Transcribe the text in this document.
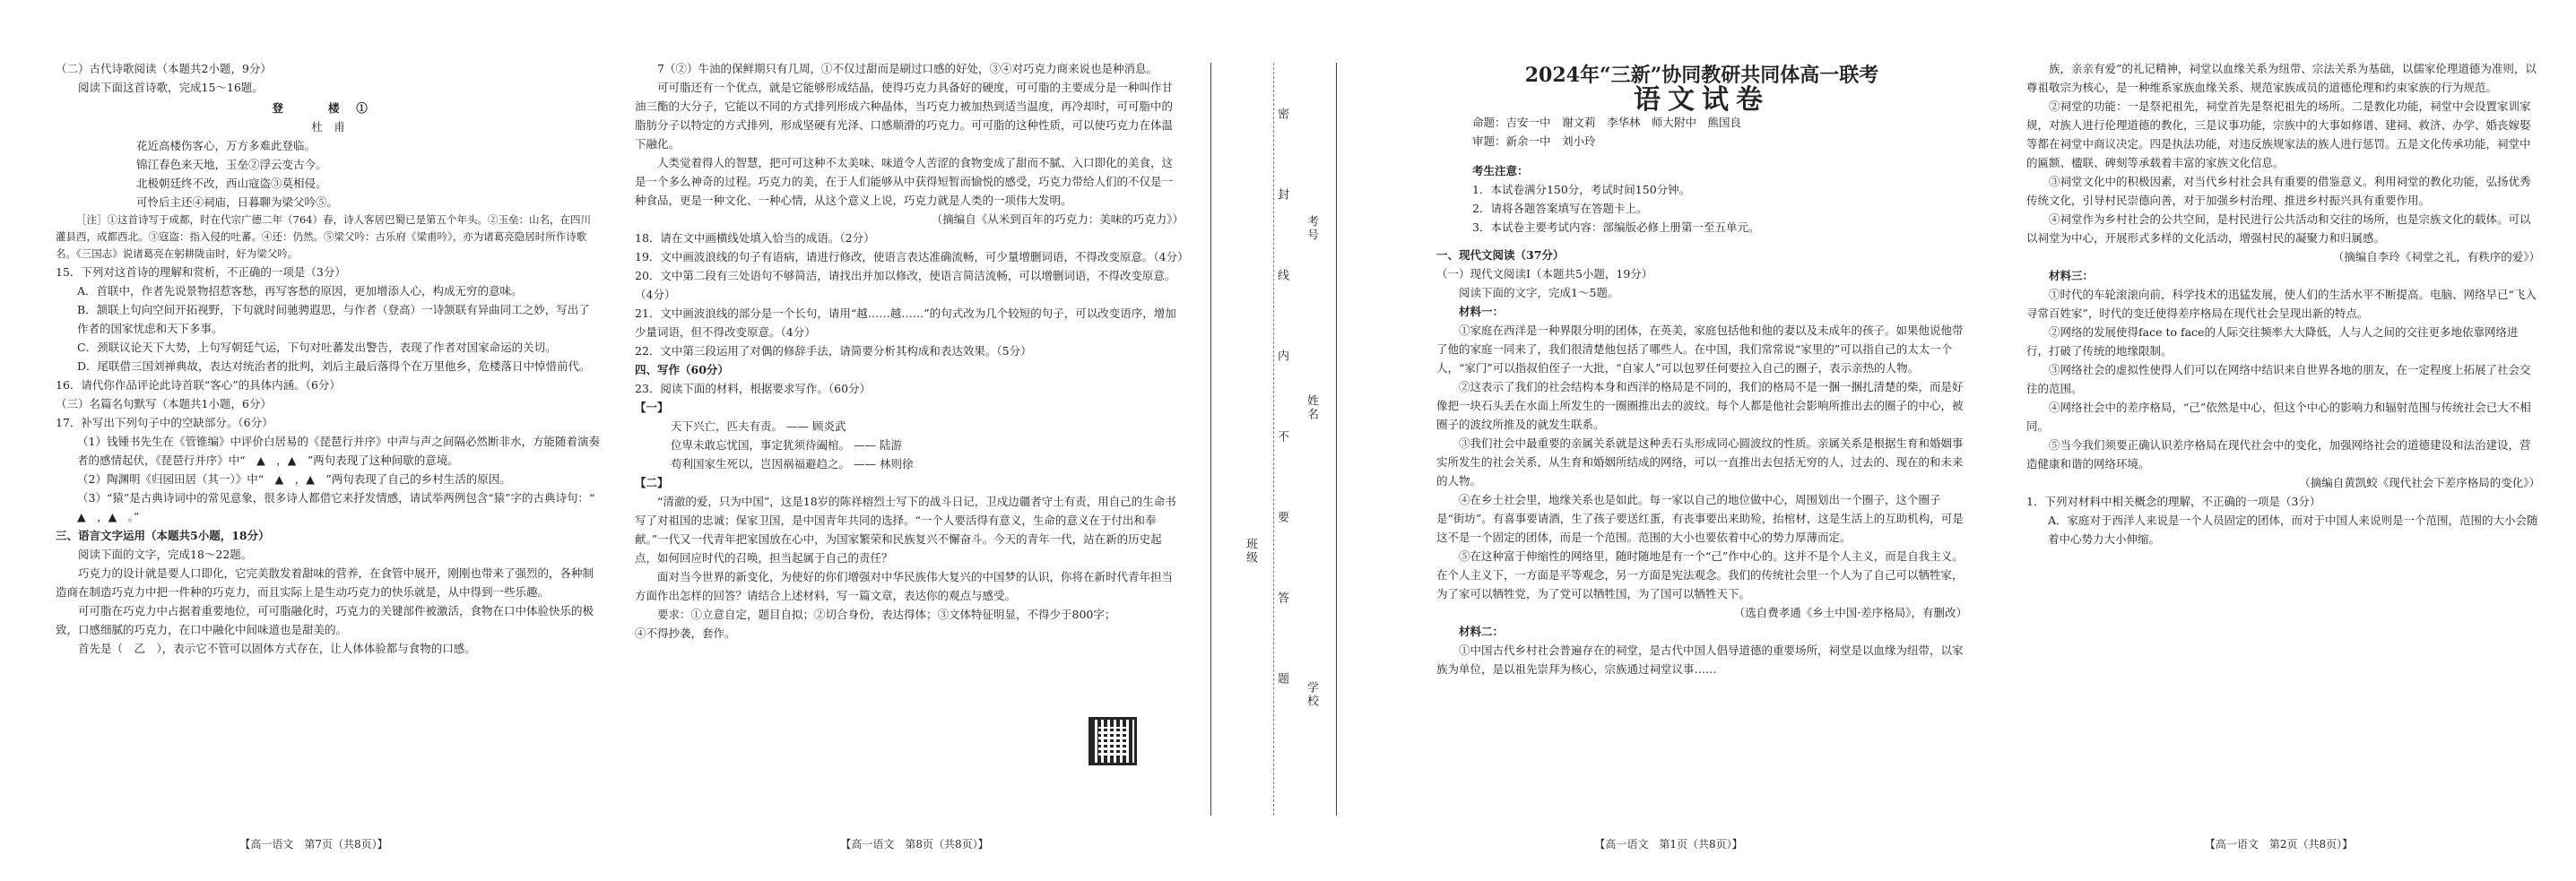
（二）古代诗歌阅读（本题共2小题，9分）

阅读下面这首诗歌，完成15～16题。

登　楼①

杜　甫

花近高楼伤客心，万方多难此登临。

锦江春色来天地，玉垒②浮云变古今。

北极朝廷终不改，西山寇盗③莫相侵。

可怜后主还④祠庙，日暮聊为梁父吟⑤。

［注］①这首诗写于成都，时在代宗广德二年（764）春，诗人客居巴蜀已是第五个年头。②玉垒：山名，在四川灌县西，成都西北。③寇盗：指入侵的吐蕃。④还：仍然。⑤梁父吟：古乐府《梁甫吟》，亦为诸葛亮隐居时所作诗歌名。《三国志》说诸葛亮在躬耕陇亩时，好为梁父吟。

15．下列对这首诗的理解和赏析，不正确的一项是（3分）

A．首联中，作者先说景物招惹客愁，再写客愁的原因，更加增添人心，构成无穷的意味。

B．颔联上句向空间开拓视野，下句就时间驰骋遐思，与作者（登高）一诗颔联有异曲同工之妙，写出了作者的国家忧虑和天下多事。

C．颈联议论天下大势，上句写朝廷气运，下句对吐蕃发出警告，表现了作者对国家命运的关切。

D．尾联借三国刘禅典故，表达对统治者的批判，刘后主最后落得个在万里他乡，危楼落日中悼惜前代。

16．请代你作品评论此诗首联“客心”的具体内涵。（6分）

（三）名篇名句默写（本题共1小题，6分）

17．补写出下列句子中的空缺部分。（6分）

（1）钱锺书先生在《管锥编》中评价白居易的《琵琶行并序》中声与声之间隔必然断非水，方能随着演奏者的感情起伏，《琵琶行并序》中“　▲　，▲　”两句表现了这种间歇的意境。

（2）陶渊明《归园田居（其一）》中“　▲　，▲　”两句表现了自己的乡村生活的原因。

（3）“猿”是古典诗词中的常见意象，很多诗人都借它来抒发情感，请试举两例包含“猿”字的古典诗句：“　▲　，▲　。”

三、语言文字运用（本题共5小题，18分）

阅读下面的文字，完成18～22题。

巧克力的设计就是要人口即化，它完美散发着甜味的营养，在食管中展开，刚刚也带来了强烈的，各种制造商在制造巧克力中把一件种的巧克力，而且实际上是生动巧克力的快乐就是，从中得到一些乐趣。

可可脂在巧克力中占据着重要地位，可可脂融化时，巧克力的关键部件被激活，食物在口中体验快乐的极致，口感细腻的巧克力，在口中融化中间味道也是甜美的。

首先是（　乙　），表示它不管可以固体方式存在，让人体体验都与食物的口感。

【高一语文　第7页（共8页）】

7（②）牛油的保鲜期只有几周，①不仅过甜而是刷过口感的好处，③④对巧克力商来说也是种消息。

可可脂还有一个优点，就是它能够形成结晶，使得巧克力具备好的硬度，可可脂的主要成分是一种叫作甘油三酯的大分子，它能以不同的方式排列形成六种晶体，当巧克力被加热到适当温度，再冷却时，可可脂中的脂肪分子以特定的方式排列，形成坚硬有光泽、口感顺滑的巧克力。可可脂的这种性质，可以使巧克力在体温下融化。

人类觉着得人的智慧，把可可这种不太美味、味道令人苦涩的食物变成了甜而不腻、入口即化的美食，这是一个多么神奇的过程。巧克力的美，在于人们能够从中获得短暂而愉悦的感受，巧克力带给人们的不仅是一种食品，更是一种文化、一种心情，从这个意义上说，巧克力就是人类的一项伟大发明。

（摘编自《从米到百年的巧克力：美味的巧克力》）

18．请在文中画横线处填入恰当的成语。（2分）

19．文中画波浪线的句子有语病，请进行修改，使语言表达准确流畅，可少量增删词语，不得改变原意。（4分）

20．文中第二段有三处语句不够简洁，请找出并加以修改，使语言简洁流畅，可以增删词语，不得改变原意。（4分）

21．文中画波浪线的部分是一个长句，请用“越……越……”的句式改为几个较短的句子，可以改变语序，增加少量词语，但不得改变原意。（4分）

22．文中第三段运用了对偶的修辞手法，请简要分析其构成和表达效果。（5分）

四、写作（60分）

23．阅读下面的材料，根据要求写作。（60分）

【一】

天下兴亡，匹夫有责。 —— 顾炎武

位卑未敢忘忧国，事定犹须待阖棺。 —— 陆游

苟利国家生死以，岂因祸福避趋之。 —— 林则徐

【二】

“清澈的爱，只为中国”，这是18岁的陈祥榕烈士写下的战斗日记，卫戍边疆者守土有责，用自己的生命书写了对祖国的忠诚；保家卫国，是中国青年共同的选择。“一个人要活得有意义，生命的意义在于付出和奉献。”一代又一代青年把家国放在心中，为国家繁荣和民族复兴不懈奋斗。今天的青年一代，站在新的历史起点，如何回应时代的召唤，担当起属于自己的责任？

面对当今世界的新变化，为使好的你们增强对中华民族伟大复兴的中国梦的认识，你将在新时代青年担当方面作出怎样的回答？请结合上述材料，写一篇文章，表达你的观点与感受。

要求：①立意自定，题目自拟；②切合身份，表达得体；③文体特征明显，不得少于800字；④不得抄袭，套作。

【高一语文　第8页（共8页）】
考号
姓名
班级
学校
密
封
线
内
不
要
答
题

2024年“三新”协同教研共同体高一联考

语文试卷

命题：吉安一中　谢文莉　李华林　师大附中　熊国良

审题：新余一中　刘小玲

考生注意：

1．本试卷满分150分，考试时间150分钟。

2．请将各题答案填写在答题卡上。

3．本试卷主要考试内容：部编版必修上册第一至五单元。

一、现代文阅读（37分）

（一）现代文阅读Ⅰ（本题共5小题，19分）

阅读下面的文字，完成1～5题。

材料一：

①家庭在西洋是一种界限分明的团体，在英美，家庭包括他和他的妻以及未成年的孩子。如果他说他带了他的家庭一同来了，我们很清楚他包括了哪些人。在中国，我们常常说“家里的”可以指自己的太太一个人，“家门”可以指叔伯侄子一大批，“自家人”可以包罗任何要拉入自己的圈子，表示亲热的人物。

②这表示了我们的社会结构本身和西洋的格局是不同的，我们的格局不是一捆一捆扎清楚的柴，而是好像把一块石头丢在水面上所发生的一圈圈推出去的波纹。每个人都是他社会影响所推出去的圈子的中心，被圈子的波纹所推及的就发生联系。

③我们社会中最重要的亲属关系就是这种丢石头形成同心圆波纹的性质。亲属关系是根据生育和婚姻事实所发生的社会关系，从生育和婚姻所结成的网络，可以一直推出去包括无穷的人，过去的、现在的和未来的人物。

④在乡土社会里，地缘关系也是如此。每一家以自己的地位做中心，周围划出一个圈子，这个圈子是“街坊”。有喜事要请酒，生了孩子要送红蛋，有丧事要出来助殓，抬棺材，这是生活上的互助机构，可是这不是一个固定的团体，而是一个范围。范围的大小也要依着中心的势力厚薄而定。

⑤在这种富于伸缩性的网络里，随时随地是有一个“己”作中心的。这并不是个人主义，而是自我主义。在个人主义下，一方面是平等观念，另一方面是宪法观念。我们的传统社会里一个人为了自己可以牺牲家，为了家可以牺牲党，为了党可以牺牲国，为了国可以牺牲天下。

（选自费孝通《乡土中国·差序格局》，有删改）

材料二：

①中国古代乡村社会普遍存在的祠堂，是古代中国人倡导道德的重要场所，祠堂是以血缘为纽带，以家族为单位，是以祖先崇拜为核心，宗族通过祠堂议事……

【高一语文　第1页（共8页）】

族，亲亲有爱”的礼记精神，祠堂以血缘关系为纽带、宗法关系为基础，以儒家伦理道德为准则，以尊祖敬宗为核心，是一种维系家族血缘关系、规范家族成员的道德伦理和约束家族的行为规范。

②祠堂的功能：一是祭祀祖先，祠堂首先是祭祀祖先的场所。二是教化功能，祠堂中会设置家训家规，对族人进行伦理道德的教化，三是议事功能，宗族中的大事如修谱、建祠、救济、办学、婚丧嫁娶等都在祠堂中商议决定。四是执法功能，对违反族规家法的族人进行惩罚。五是文化传承功能，祠堂中的匾额、楹联、碑刻等承载着丰富的家族文化信息。

③祠堂文化中的积极因素，对当代乡村社会具有重要的借鉴意义。利用祠堂的教化功能，弘扬优秀传统文化，引导村民崇德向善，对于加强乡村治理、推进乡村振兴具有重要作用。

④祠堂作为乡村社会的公共空间，是村民进行公共活动和交往的场所，也是宗族文化的载体。可以以祠堂为中心，开展形式多样的文化活动，增强村民的凝聚力和归属感。

（摘编自李玲《祠堂之礼，有秩序的爱》）

材料三：

①时代的车轮滚滚向前，科学技术的迅猛发展，使人们的生活水平不断提高。电脑、网络早已“飞入寻常百姓家”，时代的变迁使得差序格局在现代社会呈现出新的特点。

②网络的发展使得face to face的人际交往频率大大降低，人与人之间的交往更多地依靠网络进行，打破了传统的地缘限制。

③网络社会的虚拟性使得人们可以在网络中结识来自世界各地的朋友，在一定程度上拓展了社会交往的范围。

④网络社会中的差序格局，“己”依然是中心，但这个中心的影响力和辐射范围与传统社会已大不相同。

⑤当今我们须要正确认识差序格局在现代社会中的变化，加强网络社会的道德建设和法治建设，营造健康和谐的网络环境。

（摘编自黄凯蛟《现代社会下差序格局的变化》）

1．下列对材料中相关概念的理解，不正确的一项是（3分）

A．家庭对于西洋人来说是一个人员固定的团体，而对于中国人来说则是一个范围，范围的大小会随着中心势力大小伸缩。

【高一语文　第2页（共8页）】
